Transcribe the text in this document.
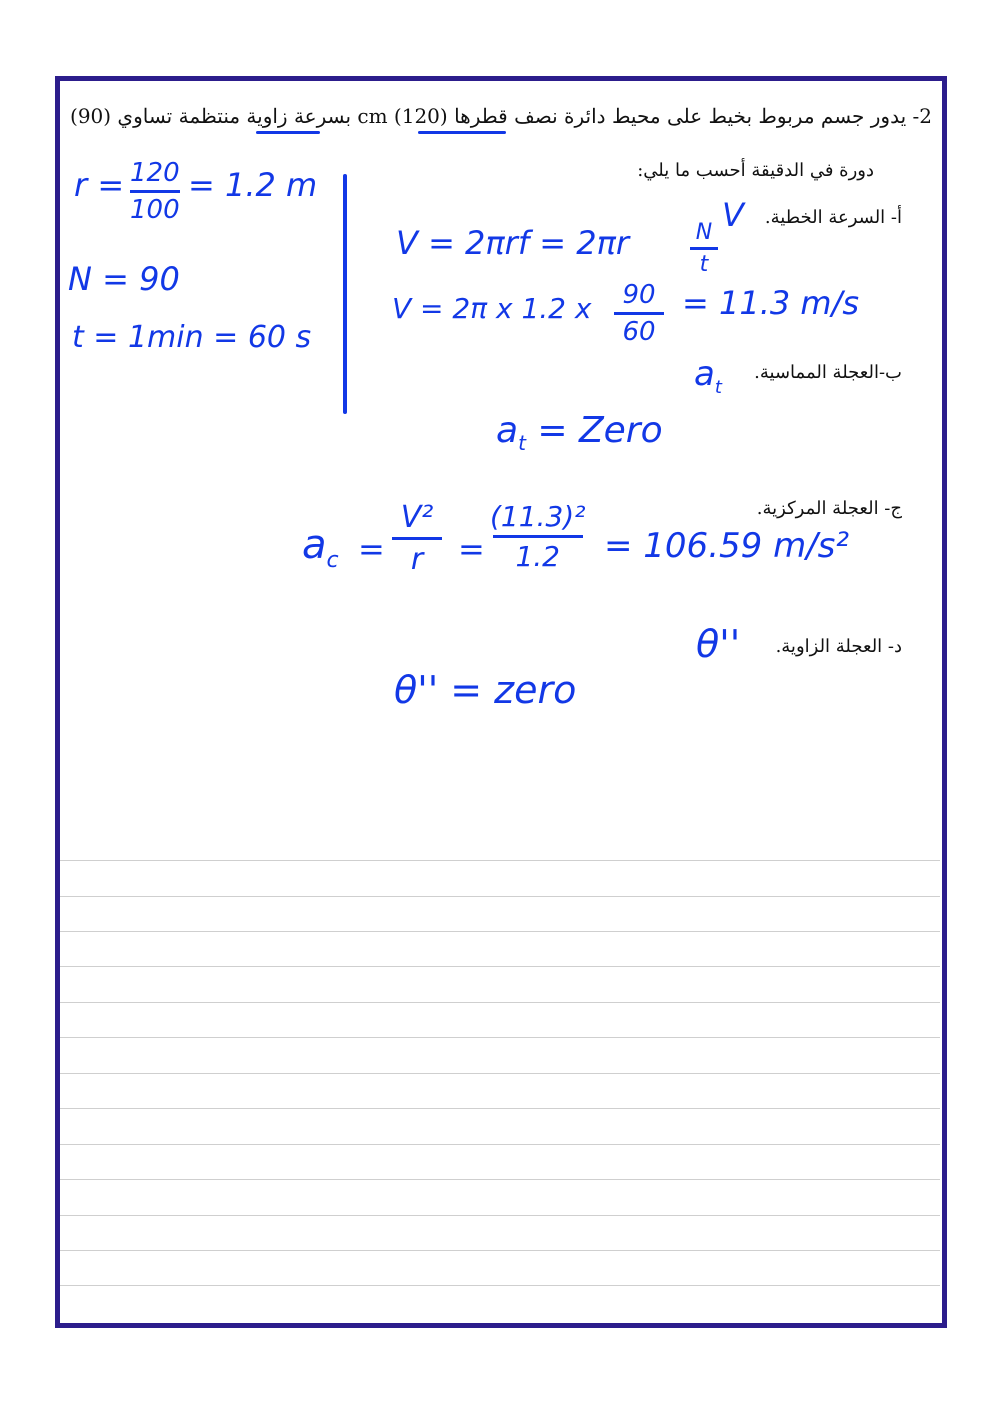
2- يدور جسم مربوط بخيط على محيط دائرة نصف قطرها cm (120) بسرعة زاوية منتظمة تساوي (90)
دورة في الدقيقة أحسب ما يلي:
أ- السرعة الخطية.
ب-العجلة المماسية.
ج- العجلة المركزية.
د- العجلة الزاوية.
r = 120
100
= 1.2 m
N = 90
t = 1min = 60 s
V
V = 2πrf = 2πr	N
t
V = 2π x 1.2 x 90
60
= 11.3 m/s
$a_t$
$a_t$ = Zero
$a_c$ =
V²
r =
(11.3)²
1.2 = 106.59 m/s²
θ''
θ'' = zero
